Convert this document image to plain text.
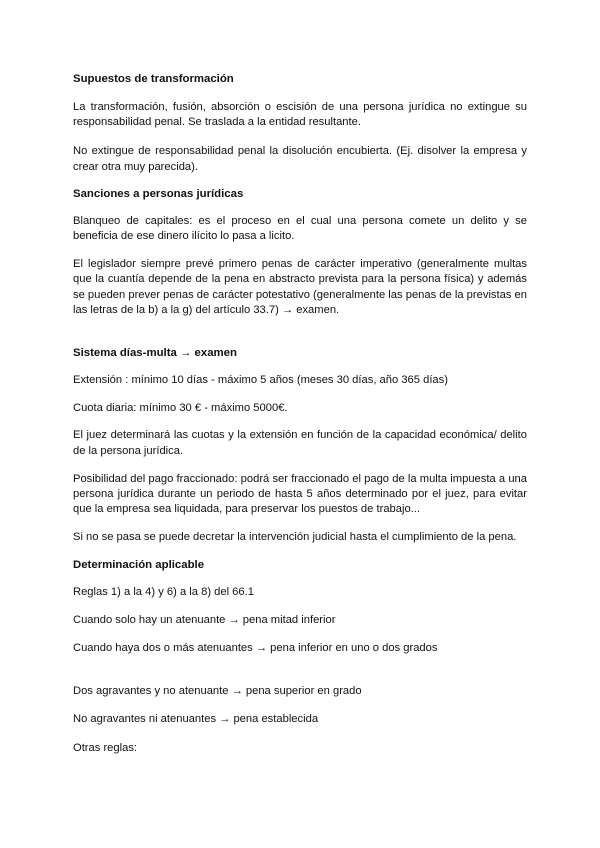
Supuestos de transformación

La transformación, fusión, absorción o escisión de una persona jurídica no extingue su responsabilidad penal. Se traslada a la entidad resultante.

No extingue de responsabilidad penal la disolución encubierta. (Ej. disolver la empresa y crear otra muy parecida).

Sanciones a personas jurídicas

Blanqueo de capitales: es el proceso en el cual una persona comete un delito y se beneficia de ese dinero ilícito lo pasa a licito.

El legislador siempre prevé primero penas de carácter imperativo (generalmente multas que la cuantía depende de la pena en abstracto prevista para la persona física) y además se pueden prever penas de carácter potestativo (generalmente las penas de la previstas en las letras de la b) a la g) del artículo 33.7) → examen.

Sistema días-multa → examen

Extensión : mínimo 10 días - máximo 5 años (meses 30 días, año 365 días)

Cuota diaria: mínimo 30 € - máximo 5000€.

El juez determinará las cuotas y la extensión en función de la capacidad económica/ delito de la persona jurídica.

Posibilidad del pago fraccionado: podrá ser fraccionado el pago de la multa impuesta a una persona jurídica durante un periodo de hasta 5 años determinado por el juez, para evitar que la empresa sea liquidada, para preservar los puestos de trabajo...

Si no se pasa se puede decretar la intervención judicial hasta el cumplimiento de la pena.

Determinación aplicable

Reglas 1) a la 4) y 6) a la 8) del 66.1

Cuando solo hay un atenuante → pena mitad inferior

Cuando haya dos o más atenuantes → pena inferior en uno o dos grados

Dos agravantes y no atenuante → pena superior en grado

No agravantes ni atenuantes → pena establecida

Otras reglas:
